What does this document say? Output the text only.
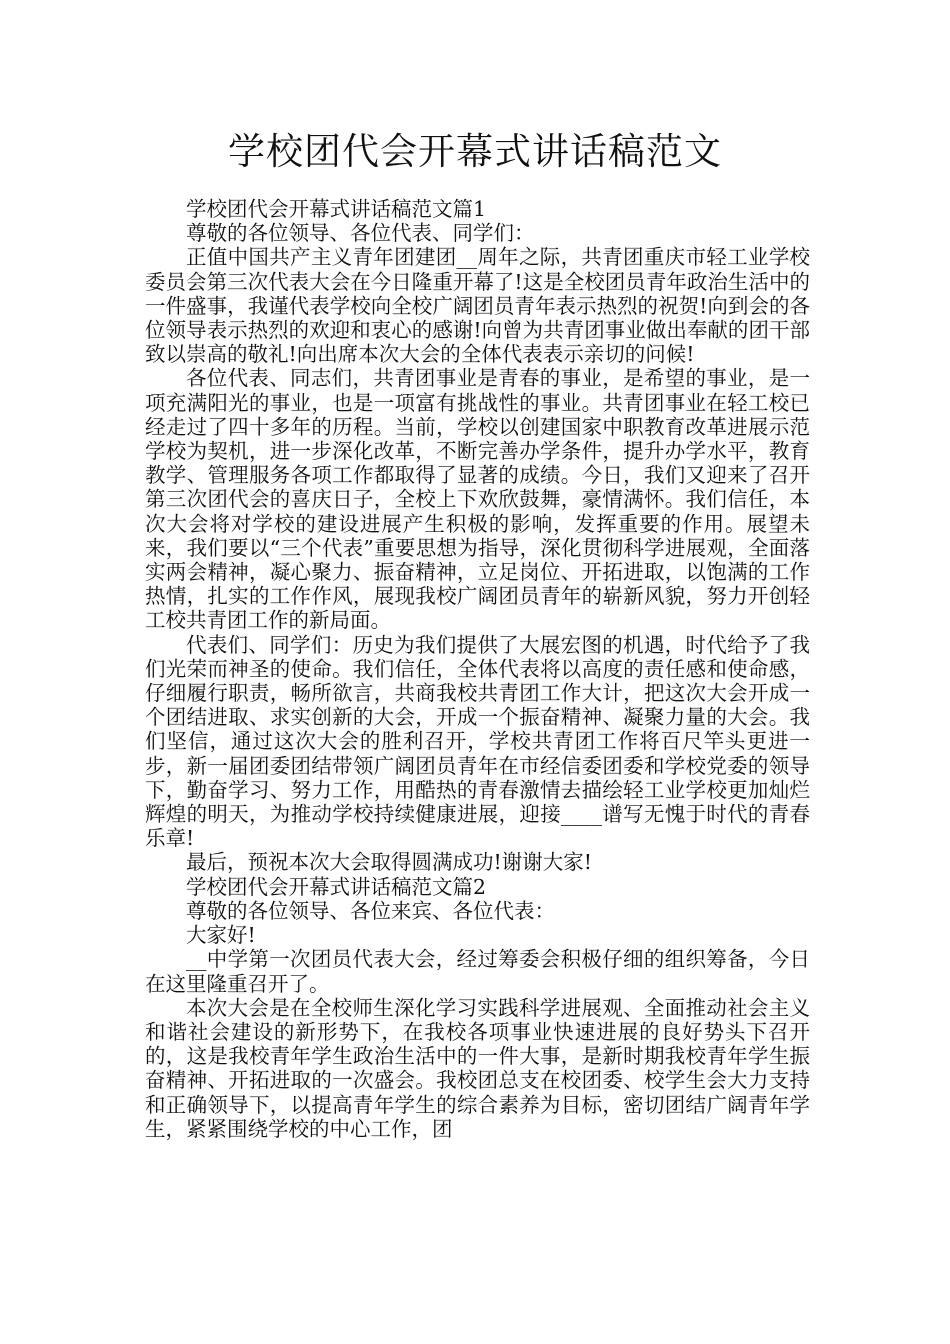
学校团代会开幕式讲话稿范文

学校团代会开幕式讲话稿范文篇1

尊敬的各位领导、各位代表、同学们：

正值中国共产主义青年团建团__周年之际，共青团重庆市轻工业学校委员会第三次代表大会在今日隆重开幕了!这是全校团员青年政治生活中的一件盛事，我谨代表学校向全校广阔团员青年表示热烈的祝贺!向到会的各位领导表示热烈的欢迎和衷心的感谢!向曾为共青团事业做出奉献的团干部致以崇高的敬礼!向出席本次大会的全体代表表示亲切的问候!

各位代表、同志们，共青团事业是青春的事业，是希望的事业，是一项充满阳光的事业，也是一项富有挑战性的事业。共青团事业在轻工校已经走过了四十多年的历程。当前，学校以创建国家中职教育改革进展示范学校为契机，进一步深化改革，不断完善办学条件，提升办学水平，教育教学、管理服务各项工作都取得了显著的成绩。今日，我们又迎来了召开第三次团代会的喜庆日子，全校上下欢欣鼓舞，豪情满怀。我们信任，本次大会将对学校的建设进展产生积极的影响，发挥重要的作用。展望未来，我们要以“三个代表”重要思想为指导，深化贯彻科学进展观，全面落实两会精神，凝心聚力、振奋精神，立足岗位、开拓进取，以饱满的工作热情，扎实的工作作风，展现我校广阔团员青年的崭新风貌，努力开创轻工校共青团工作的新局面。

代表们、同学们：历史为我们提供了大展宏图的机遇，时代给予了我们光荣而神圣的使命。我们信任，全体代表将以高度的责任感和使命感，仔细履行职责，畅所欲言，共商我校共青团工作大计，把这次大会开成一个团结进取、求实创新的大会，开成一个振奋精神、凝聚力量的大会。我们坚信，通过这次大会的胜利召开，学校共青团工作将百尺竿头更进一步，新一届团委团结带领广阔团员青年在市经信委团委和学校党委的领导下，勤奋学习、努力工作，用酷热的青春激情去描绘轻工业学校更加灿烂辉煌的明天，为推动学校持续健康进展，迎接____谱写无愧于时代的青春乐章!

最后，预祝本次大会取得圆满成功!谢谢大家!

学校团代会开幕式讲话稿范文篇2

尊敬的各位领导、各位来宾、各位代表：

大家好!

__中学第一次团员代表大会，经过筹委会积极仔细的组织筹备，今日在这里隆重召开了。

本次大会是在全校师生深化学习实践科学进展观、全面推动社会主义和谐社会建设的新形势下，在我校各项事业快速进展的良好势头下召开的，这是我校青年学生政治生活中的一件大事，是新时期我校青年学生振奋精神、开拓进取的一次盛会。我校团总支在校团委、校学生会大力支持和正确领导下，以提高青年学生的综合素养为目标，密切团结广阔青年学生，紧紧围绕学校的中心工作，团
